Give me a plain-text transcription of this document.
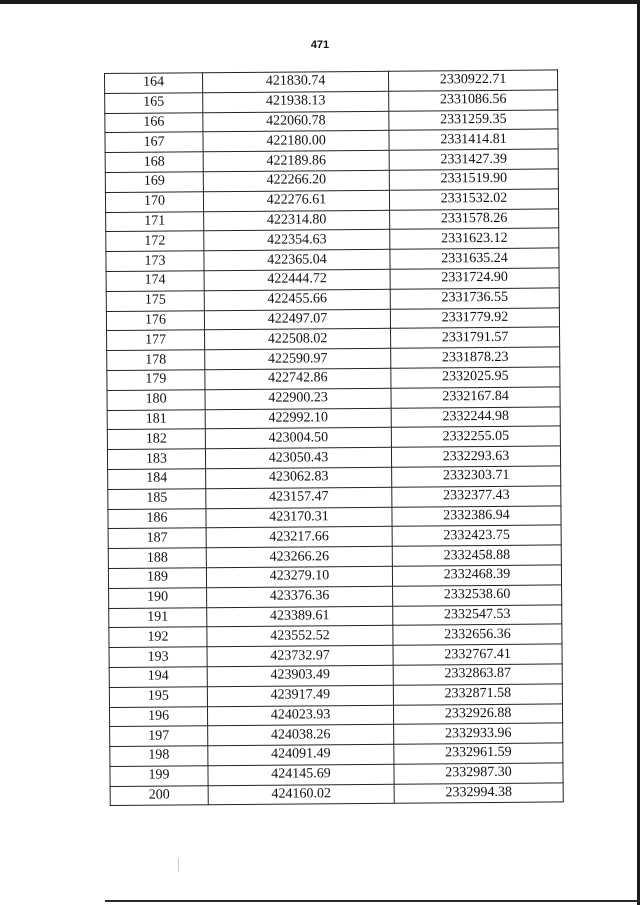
471
164	421830.74	2330922.71
165	421938.13	2331086.56
166	422060.78	2331259.35
167	422180.00	2331414.81
168	422189.86	2331427.39
169	422266.20	2331519.90
170	422276.61	2331532.02
171	422314.80	2331578.26
172	422354.63	2331623.12
173	422365.04	2331635.24
174	422444.72	2331724.90
175	422455.66	2331736.55
176	422497.07	2331779.92
177	422508.02	2331791.57
178	422590.97	2331878.23
179	422742.86	2332025.95
180	422900.23	2332167.84
181	422992.10	2332244.98
182	423004.50	2332255.05
183	423050.43	2332293.63
184	423062.83	2332303.71
185	423157.47	2332377.43
186	423170.31	2332386.94
187	423217.66	2332423.75
188	423266.26	2332458.88
189	423279.10	2332468.39
190	423376.36	2332538.60
191	423389.61	2332547.53
192	423552.52	2332656.36
193	423732.97	2332767.41
194	423903.49	2332863.87
195	423917.49	2332871.58
196	424023.93	2332926.88
197	424038.26	2332933.96
198	424091.49	2332961.59
199	424145.69	2332987.30
200	424160.02	2332994.38
